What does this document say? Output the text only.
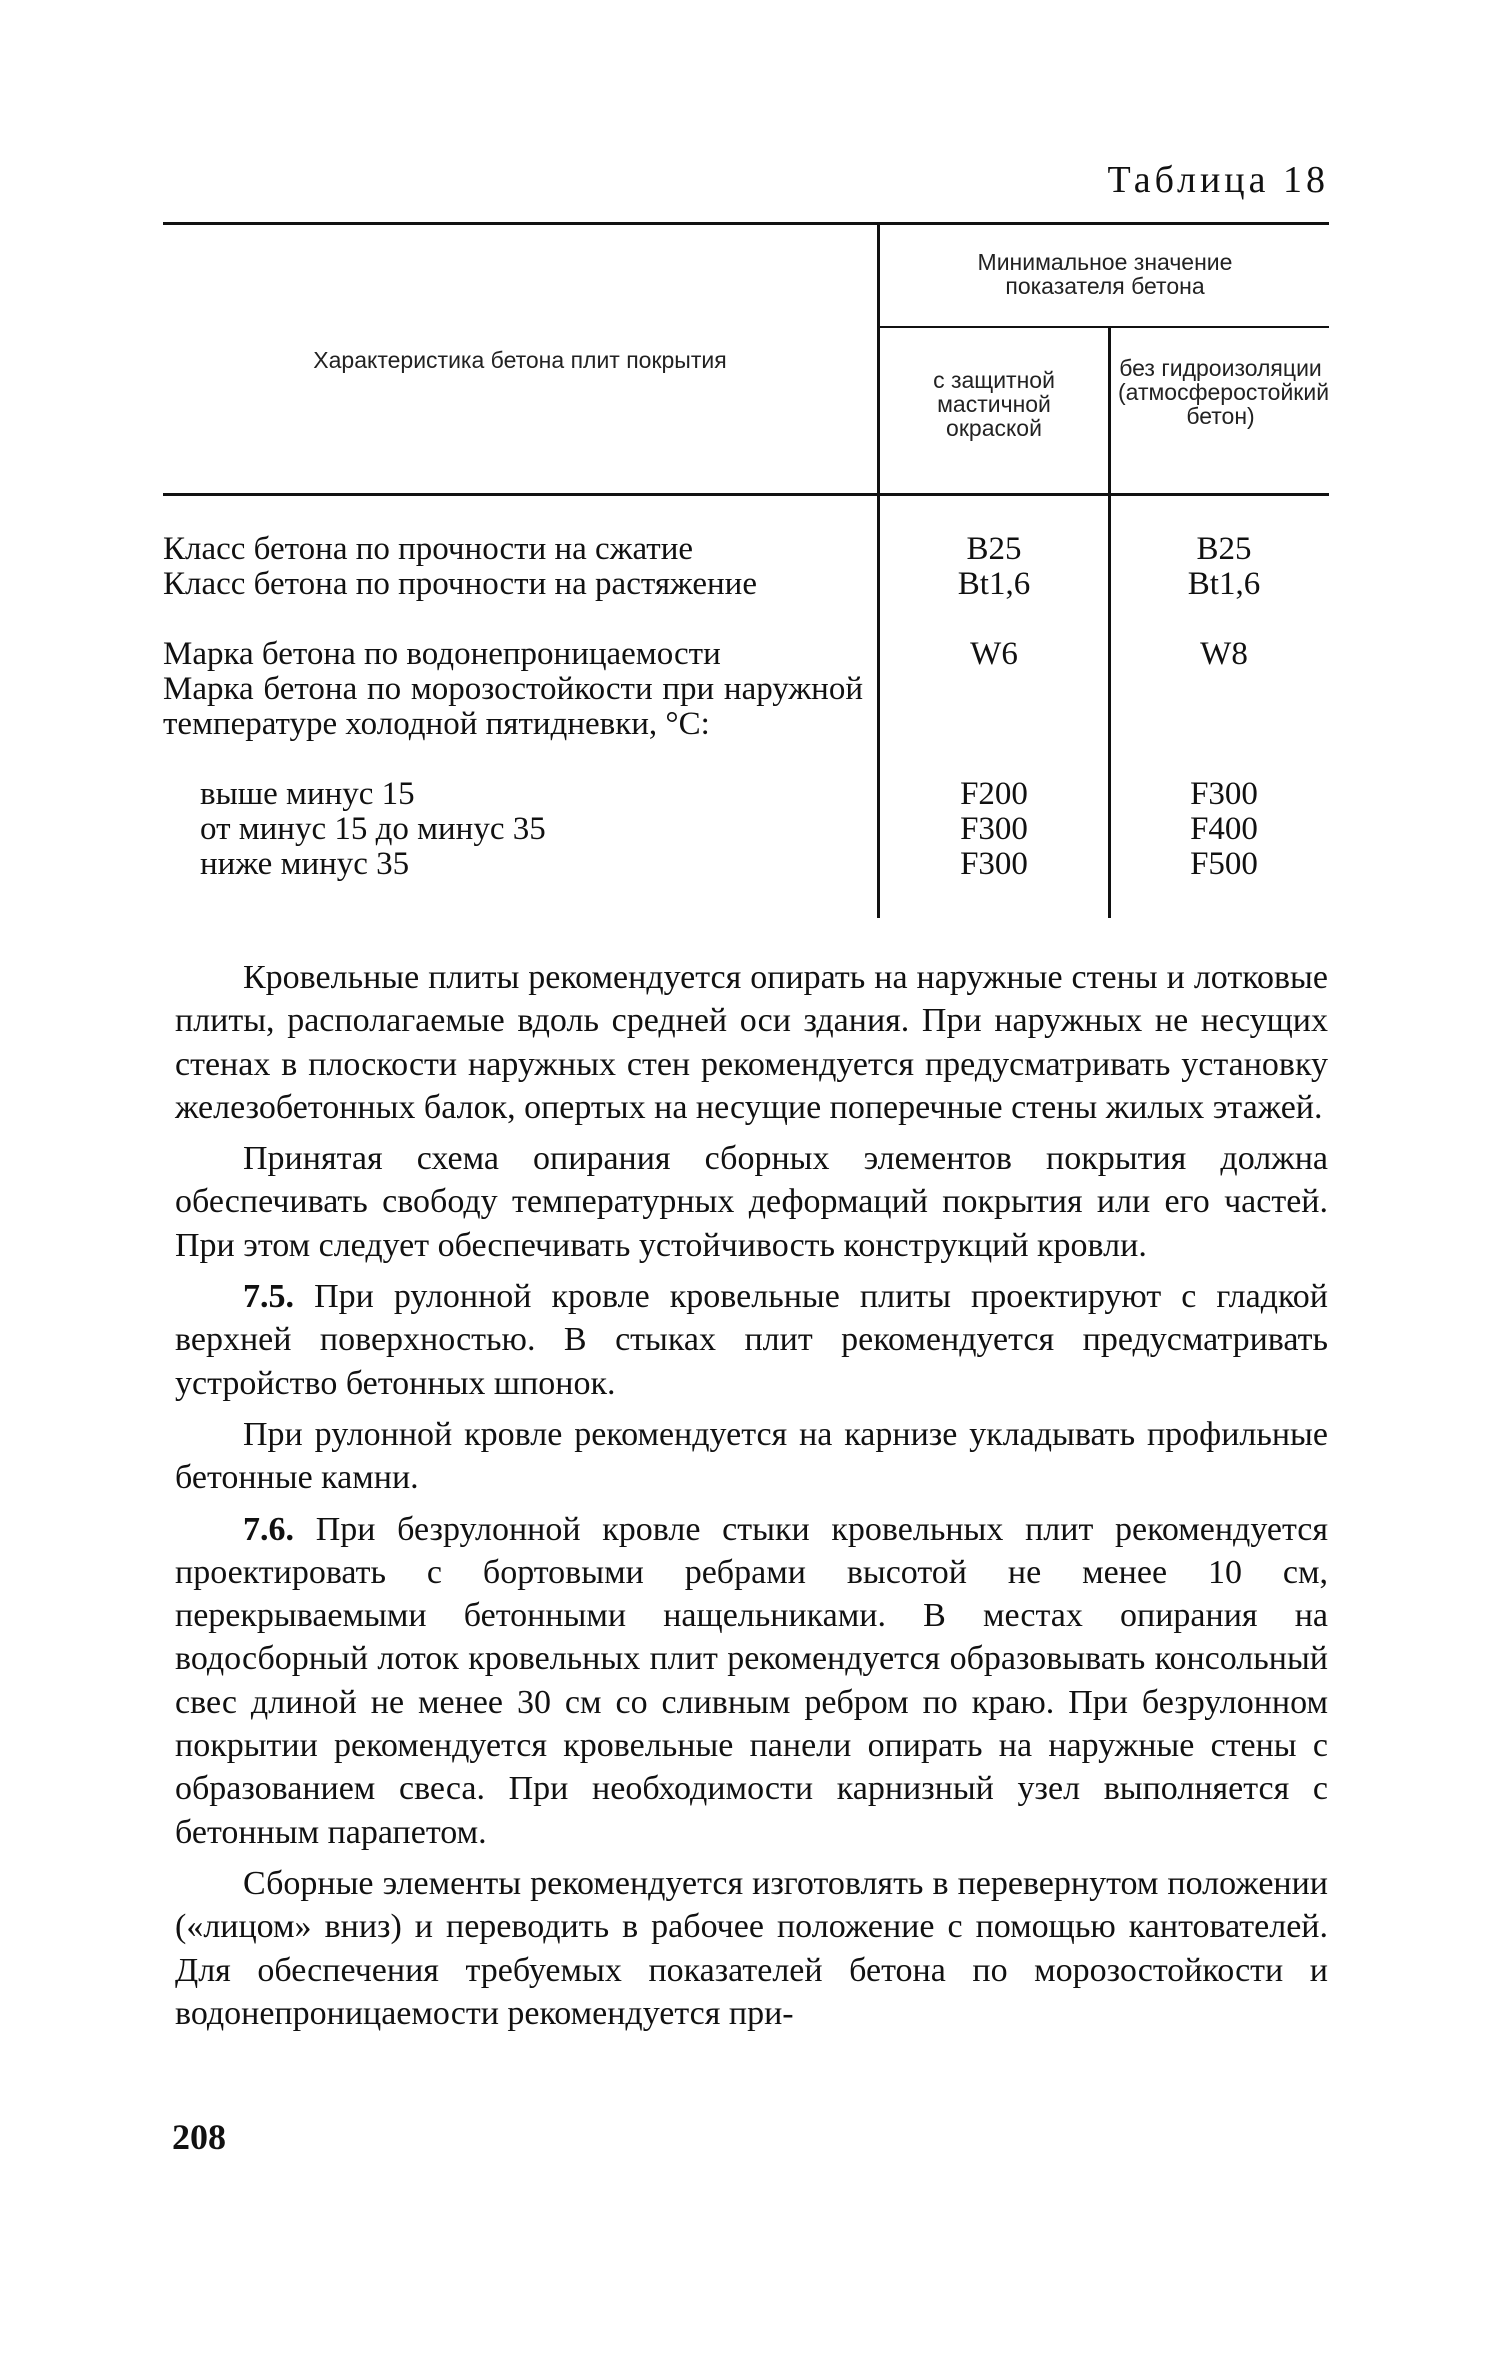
Таблица 18
Характеристика бетона плит покрытия
Минимальное значение показателя бетона
с защитной мастичной окраской
без гидроизоляции (атмосферостойкий бетон)
Класс бетона по прочности на сжатие	B25	B25
Класс бетона по прочности на растяжение	Bt1,6	Bt1,6
Марка бетона по водонепроницаемости	W6	W8
Марка бетона по морозостойкости при наружной температуре холодной пятидневки, °С:
выше минус 15	F200	F300
от минус 15 до минус 35	F300	F400
ниже минус 35	F300	F500

Кровельные плиты рекомендуется опирать на наружные стены и лотковые плиты, располагаемые вдоль средней оси здания. При наружных не несущих стенах в плоскости наружных стен рекомендуется предусматривать установку железобетонных балок, опертых на несущие поперечные стены жилых этажей.

Принятая схема опирания сборных элементов покрытия должна обеспечивать свободу температурных деформаций покрытия или его частей. При этом следует обеспечивать устойчивость конструкций кровли.

7.5. При рулонной кровле кровельные плиты проектируют с гладкой верхней поверхностью. В стыках плит рекомендуется предусматривать устройство бетонных шпонок.

При рулонной кровле рекомендуется на карнизе укладывать профильные бетонные камни.

7.6. При безрулонной кровле стыки кровельных плит рекомендуется проектировать с бортовыми ребрами высотой не менее 10 см, перекрываемыми бетонными нащельниками. В местах опирания на водосборный лоток кровельных плит рекомендуется образовывать консольный свес длиной не менее 30 см со сливным ребром по краю. При безрулонном покрытии рекомендуется кровельные панели опирать на наружные стены с образованием свеса. При необходимости карнизный узел выполняется с бетонным парапетом.

Сборные элементы рекомендуется изготовлять в перевернутом положении («лицом» вниз) и переводить в рабочее положение с помощью кантователей. Для обеспечения требуемых показателей бетона по морозостойкости и водонепроницаемости рекомендуется при-

208
